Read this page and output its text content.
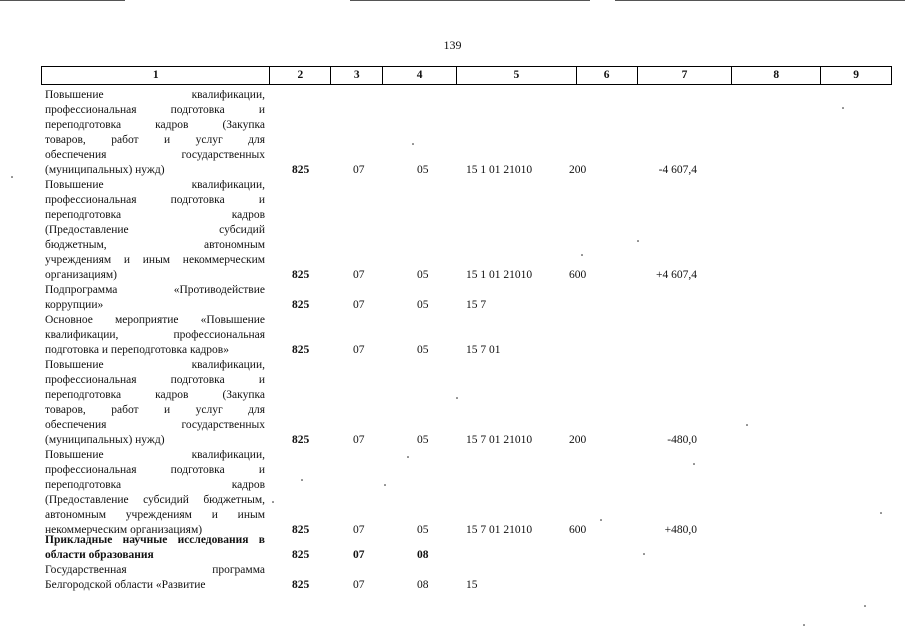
139
1	2	3	4	5	6	7	8	9
Повышение квалификации,
профессиональная подготовка и
переподготовка кадров (Закупка
товаров, работ и услуг для
обеспечения государственных
(муниципальных) нужд)	825	07	05	15 1 01 21010	200	-4 607,4
Повышение квалификации,
профессиональная подготовка и
переподготовка кадров
(Предоставление субсидий
бюджетным, автономным
учреждениям и иным некоммерческим
организациям)	825	07	05	15 1 01 21010	600	+4 607,4
Подпрограмма «Противодействие
коррупции»	825	07	05	15 7
Основное мероприятие «Повышение
квалификации, профессиональная
подготовка и переподготовка кадров»	825	07	05	15 7 01
Повышение квалификации,
профессиональная подготовка и
переподготовка кадров (Закупка
товаров, работ и услуг для
обеспечения государственных
(муниципальных) нужд)	825	07	05	15 7 01 21010	200	-480,0
Повышение квалификации,
профессиональная подготовка и
переподготовка кадров
(Предоставление субсидий бюджетным,
автономным учреждениям и иным
некоммерческим организациям)	825	07	05	15 7 01 21010	600	+480,0
Прикладные научные исследования в
области образования	825	07	08
Государственная программа
Белгородской области «Развитие	825	07	08	15
